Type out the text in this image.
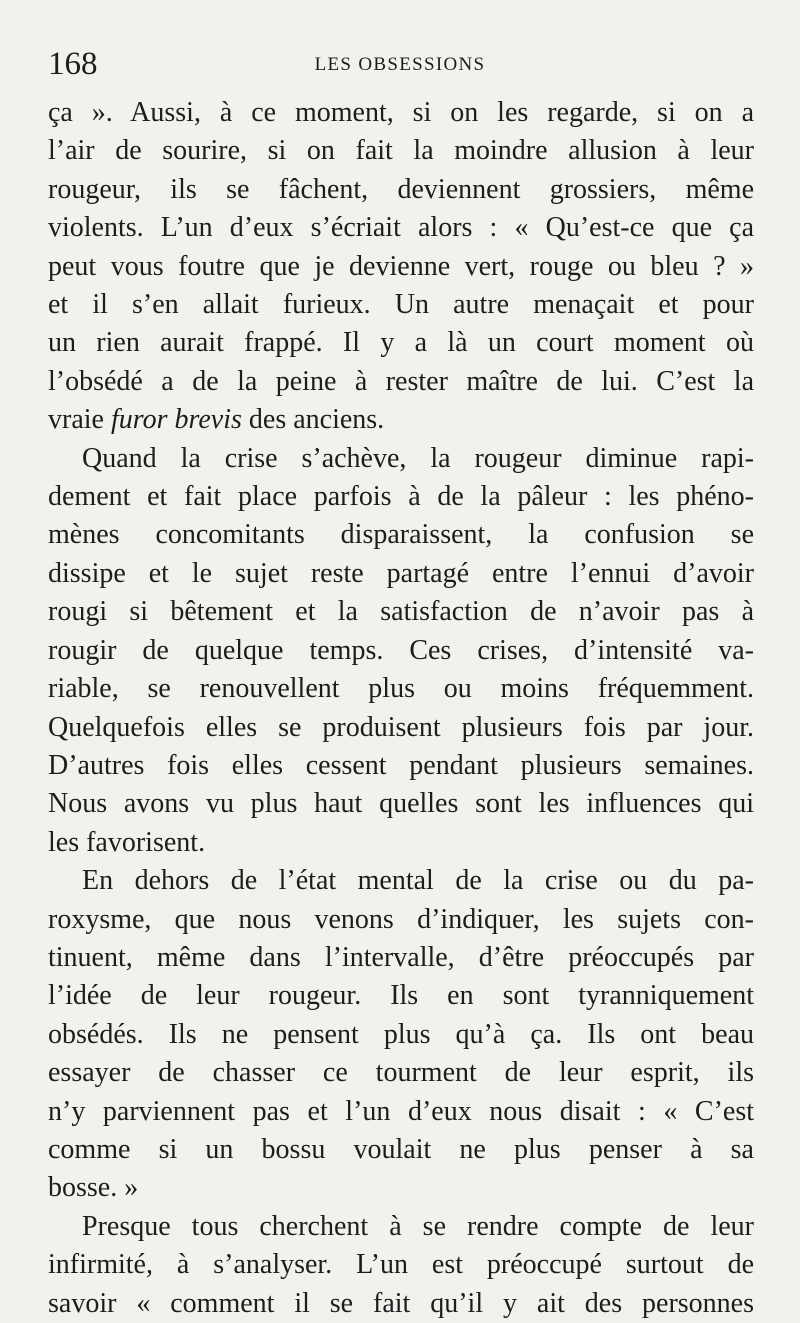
168	LES OBSESSIONS

ça ». Aussi, à ce moment, si on les regarde, si on a
l’air de sourire, si on fait la moindre allusion à leur
rougeur, ils se fâchent, deviennent grossiers, même
violents. L’un d’eux s’écriait alors : « Qu’est-ce que ça
peut vous foutre que je devienne vert, rouge ou bleu ? »
et il s’en allait furieux. Un autre menaçait et pour
un rien aurait frappé. Il y a là un court moment où
l’obsédé a de la peine à rester maître de lui. C’est la
vraie furor brevis des anciens.

Quand la crise s’achève, la rougeur diminue rapi-
dement et fait place parfois à de la pâleur : les phéno-
mènes concomitants disparaissent, la confusion se
dissipe et le sujet reste partagé entre l’ennui d’avoir
rougi si bêtement et la satisfaction de n’avoir pas à
rougir de quelque temps. Ces crises, d’intensité va-
riable, se renouvellent plus ou moins fréquemment.
Quelquefois elles se produisent plusieurs fois par jour.
D’autres fois elles cessent pendant plusieurs semaines.
Nous avons vu plus haut quelles sont les influences qui
les favorisent.

En dehors de l’état mental de la crise ou du pa-
roxysme, que nous venons d’indiquer, les sujets con-
tinuent, même dans l’intervalle, d’être préoccupés par
l’idée de leur rougeur. Ils en sont tyranniquement
obsédés. Ils ne pensent plus qu’à ça. Ils ont beau
essayer de chasser ce tourment de leur esprit, ils
n’y parviennent pas et l’un d’eux nous disait : « C’est
comme si un bossu voulait ne plus penser à sa
bosse. »

Presque tous cherchent à se rendre compte de leur
infirmité, à s’analyser. L’un est préoccupé surtout de
savoir « comment il se fait qu’il y ait des personnes
